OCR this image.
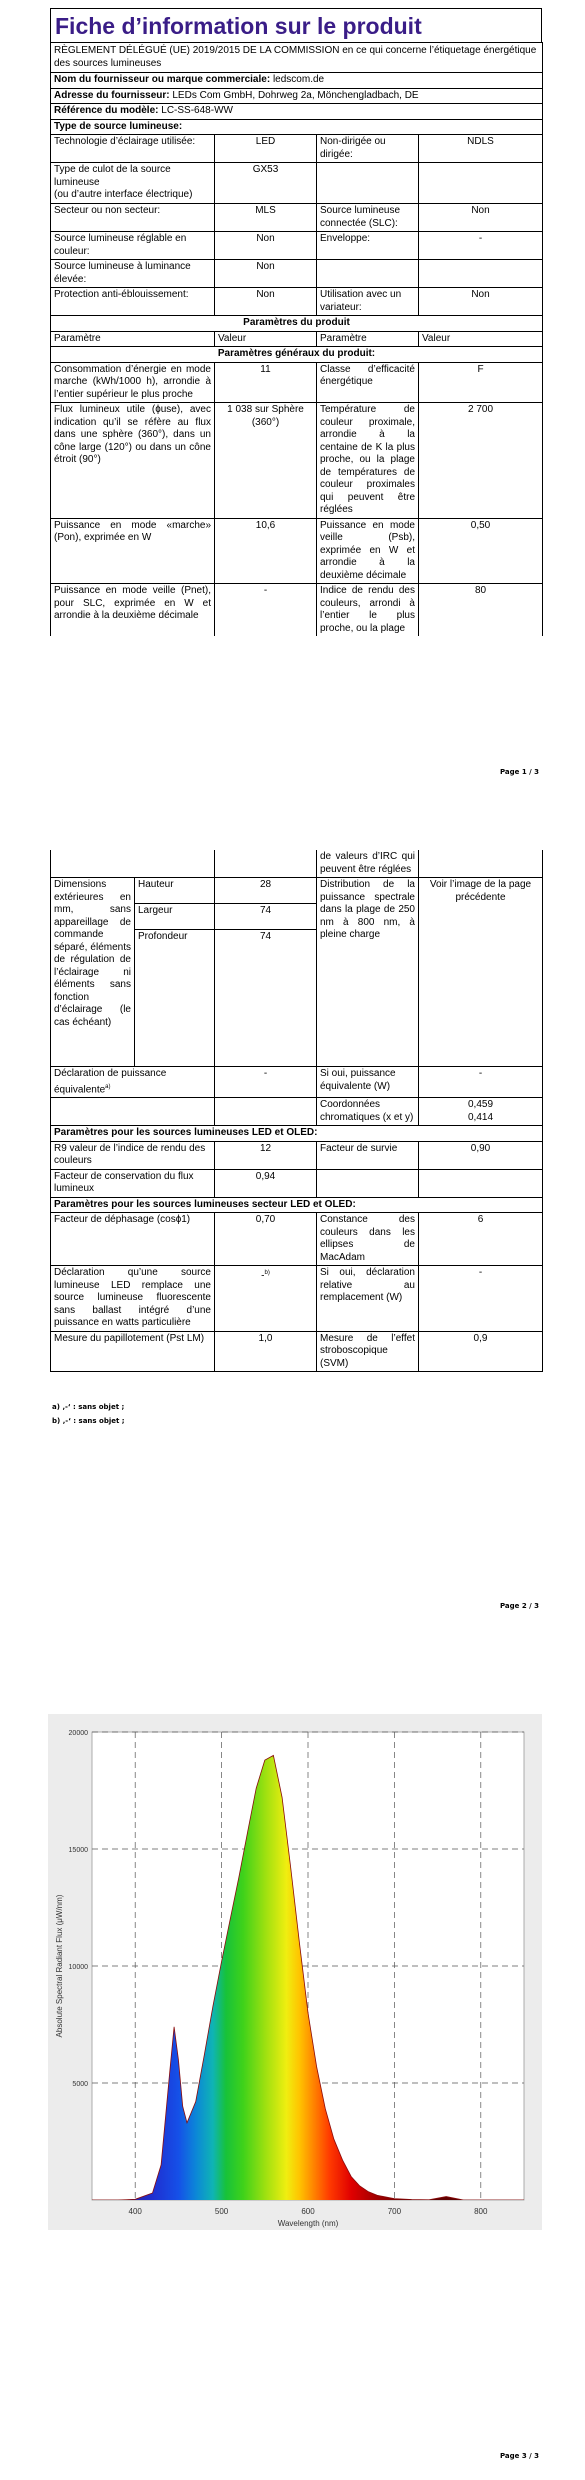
Fiche d’information sur le produit
RÈGLEMENT DÉLÉGUÉ (UE) 2019/2015 DE LA COMMISSION en ce qui concerne l’étiquetage énergétique des sources lumineuses			
Nom du fournisseur ou marque commerciale: ledscom.de			
Adresse du fournisseur: LEDs Com GmbH, Dohrweg 2a, Mönchengladbach, DE			
Référence du modèle: LC-SS-648-WW			
Type de source lumineuse:			
Technologie d’éclairage utilisée:	LED	Non-dirigée ou dirigée:	NDLS

Type de culot de la source lumineuse
(ou d’autre interface électrique)	GX53		
Secteur ou non secteur:	MLS	Source lumineuse connectée (SLC):	Non
Source lumineuse réglable en couleur:	Non	Enveloppe:	-
Source lumineuse à luminance élevée:	Non		
Protection anti-éblouissement:	Non	Utilisation avec un variateur:	Non
Paramètres du produit			
Paramètre	Valeur	Paramètre	Valeur
Paramètres généraux du produit:			
Consommation d’énergie en mode marche (kWh/1000 h), arrondie à l’entier supérieur le plus proche	11	Classe d’efficacité énergétique	F
Flux lumineux utile (ɸuse), avec indication qu’il se réfère au flux dans une sphère (360°), dans un cône large (120°) ou dans un cône étroit (90°)	1 038 sur Sphère (360°)	Température de couleur proximale, arrondie à la centaine de K la plus proche, ou la plage de températures de couleur proximales qui peuvent être réglées	2 700
Puissance en mode «marche» (Pon), exprimée en W	10,6	Puissance en mode veille (Psb), exprimée en W et arrondie à la deuxième décimale	0,50
Puissance en mode veille (Pnet), pour SLC, exprimée en W et arrondie à la deuxième décimale	-	Indice de rendu des couleurs, arrondi à l’entier le plus proche, ou la plage	80
Page 1 / 3
			de valeurs d’IRC qui peuvent être réglées	
Dimensions extérieures en mm, sans appareillage de commande séparé, éléments de régulation de l’éclairage ni éléments sans fonction d’éclairage (le cas échéant)	Hauteur	28	Distribution de la puissance spectrale dans la plage de 250 nm à 800 nm, à pleine charge	Voir l’image de la page précédente
	Largeur	74		
	Profondeur	74		
Déclaration de puissance équivalente$^{a)}$		-	Si oui, puissance équivalente (W)	-
			Coordonnées chromatiques (x et y)	0,459
0,414

Paramètres pour les sources lumineuses LED et OLED:				
R9 valeur de l’indice de rendu des couleurs		12	Facteur de survie	0,90
Facteur de conservation du flux lumineux		0,94		
Paramètres pour les sources lumineuses secteur LED et OLED:				
Facteur de déphasage (cosɸ1)		0,70	Constance des couleurs dans les ellipses de MacAdam	6
Déclaration qu’une source lumineuse LED remplace une source lumineuse fluorescente sans ballast intégré d’une puissance en watts particulière		-$^{b)}$	Si oui, déclaration relative au remplacement (W)	-
Mesure du papillotement (Pst LM)		1,0	Mesure de l’effet stroboscopique (SVM)	0,9
a) ‚-‘ : sans objet ;
b) ‚-‘ : sans objet ;
Page 2 / 3
400	500	600	700	800
5000
10000
15000
20000
Wavelength (nm)
Absolute Spectral Radiant Flux (μW/nm)
Page 3 / 3
